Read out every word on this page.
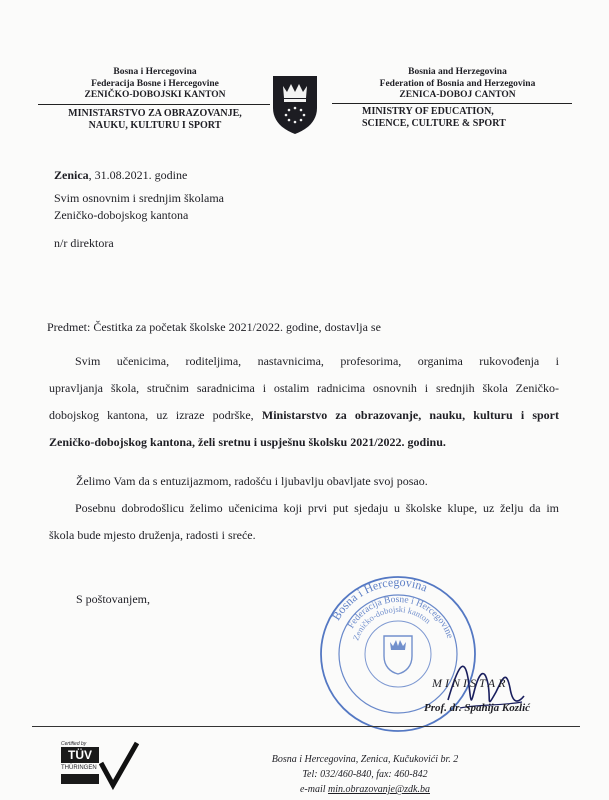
Bosna i Hercegovina
Federacija Bosne i Hercegovine
ZENIČKO-DOBOJSKI KANTON
MINISTARSTVO ZA OBRAZOVANJE,
NAUKU, KULTURU I SPORT
Bosnia and Herzegovina
Federation of Bosnia and Herzegovina
ZENICA-DOBOJ CANTON
MINISTRY OF EDUCATION,
SCIENCE, CULTURE & SPORT
Zenica, 31.08.2021. godine
Svim osnovnim i srednjim školama
Zeničko-dobojskog kantona
n/r direktora
Predmet: Čestitka za početak školske 2021/2022. godine, dostavlja se
Svim učenicima, roditeljima, nastavnicima, profesorima, organima rukovođenja i
upravljanja škola, stručnim saradnicima i ostalim radnicima osnovnih i srednjih škola Zeničko-
dobojskog kantona, uz izraze podrške, Ministarstvo za obrazovanje, nauku, kulturu i sport
Zeničko-dobojskog kantona, želi sretnu i uspješnu školsku 2021/2022. godinu.
Želimo Vam da s entuzijazmom, radošću i ljubavlju obavljate svoj posao.
Posebnu dobrodošlicu želimo učenicima koji prvi put sjedaju u školske klupe, uz želju da im
škola bude mjesto druženja, radosti i sreće.
S poštovanjem,
Bosna i Hercegovina
Federacija Bosne i Hercegovine
Zeničko-dobojski kanton
MINISTAR
Prof. dr. Spahija Kozlić
Certified by
TÜV
THÜRINGEN
Bosna i Hercegovina, Zenica, Kučukovići br. 2
Tel: 032/460-840, fax: 460-842
e-mail min.obrazovanje@zdk.ba
